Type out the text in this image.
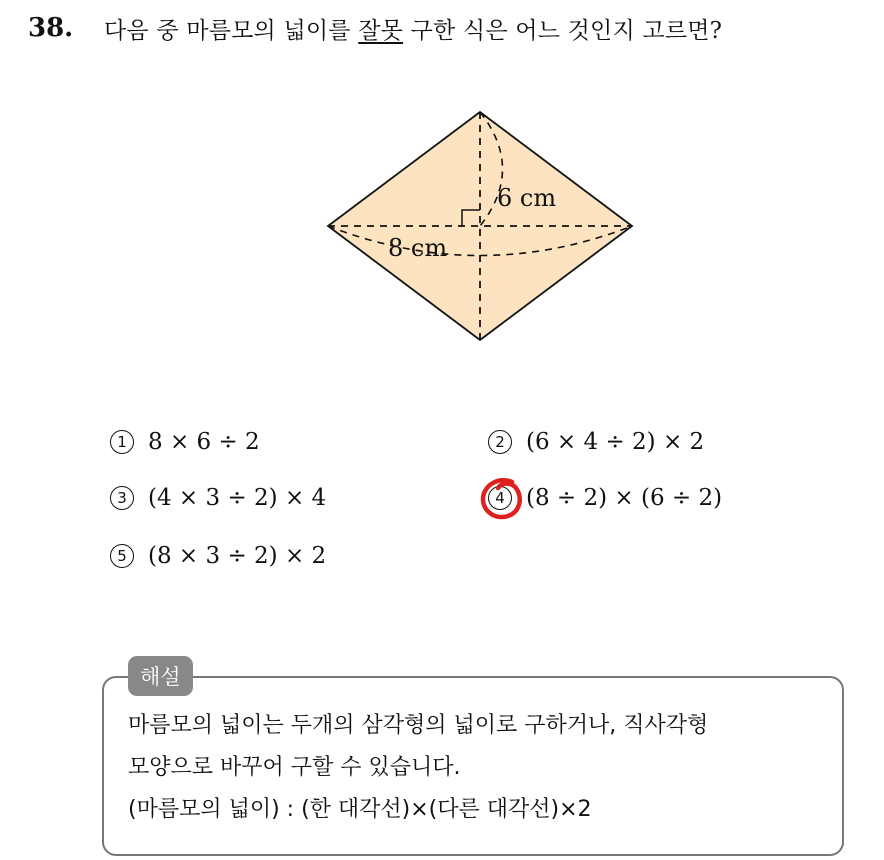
38.	다음 중 마름모의 넓이를 잘못 구한 식은 어느 것인지 고르면?
6 cm
8 cm
1 8 × 6 ÷ 2	2 (6 × 4 ÷ 2) × 2
3 (4 × 3 ÷ 2) × 4	4 (8 ÷ 2) × (6 ÷ 2)
5 (8 × 3 ÷ 2) × 2
해설
마름모의 넓이는 두개의 삼각형의 넓이로 구하거나, 직사각형
모양으로 바꾸어 구할 수 있습니다.
(마름모의 넓이) : (한 대각선)×(다른 대각선)×2
